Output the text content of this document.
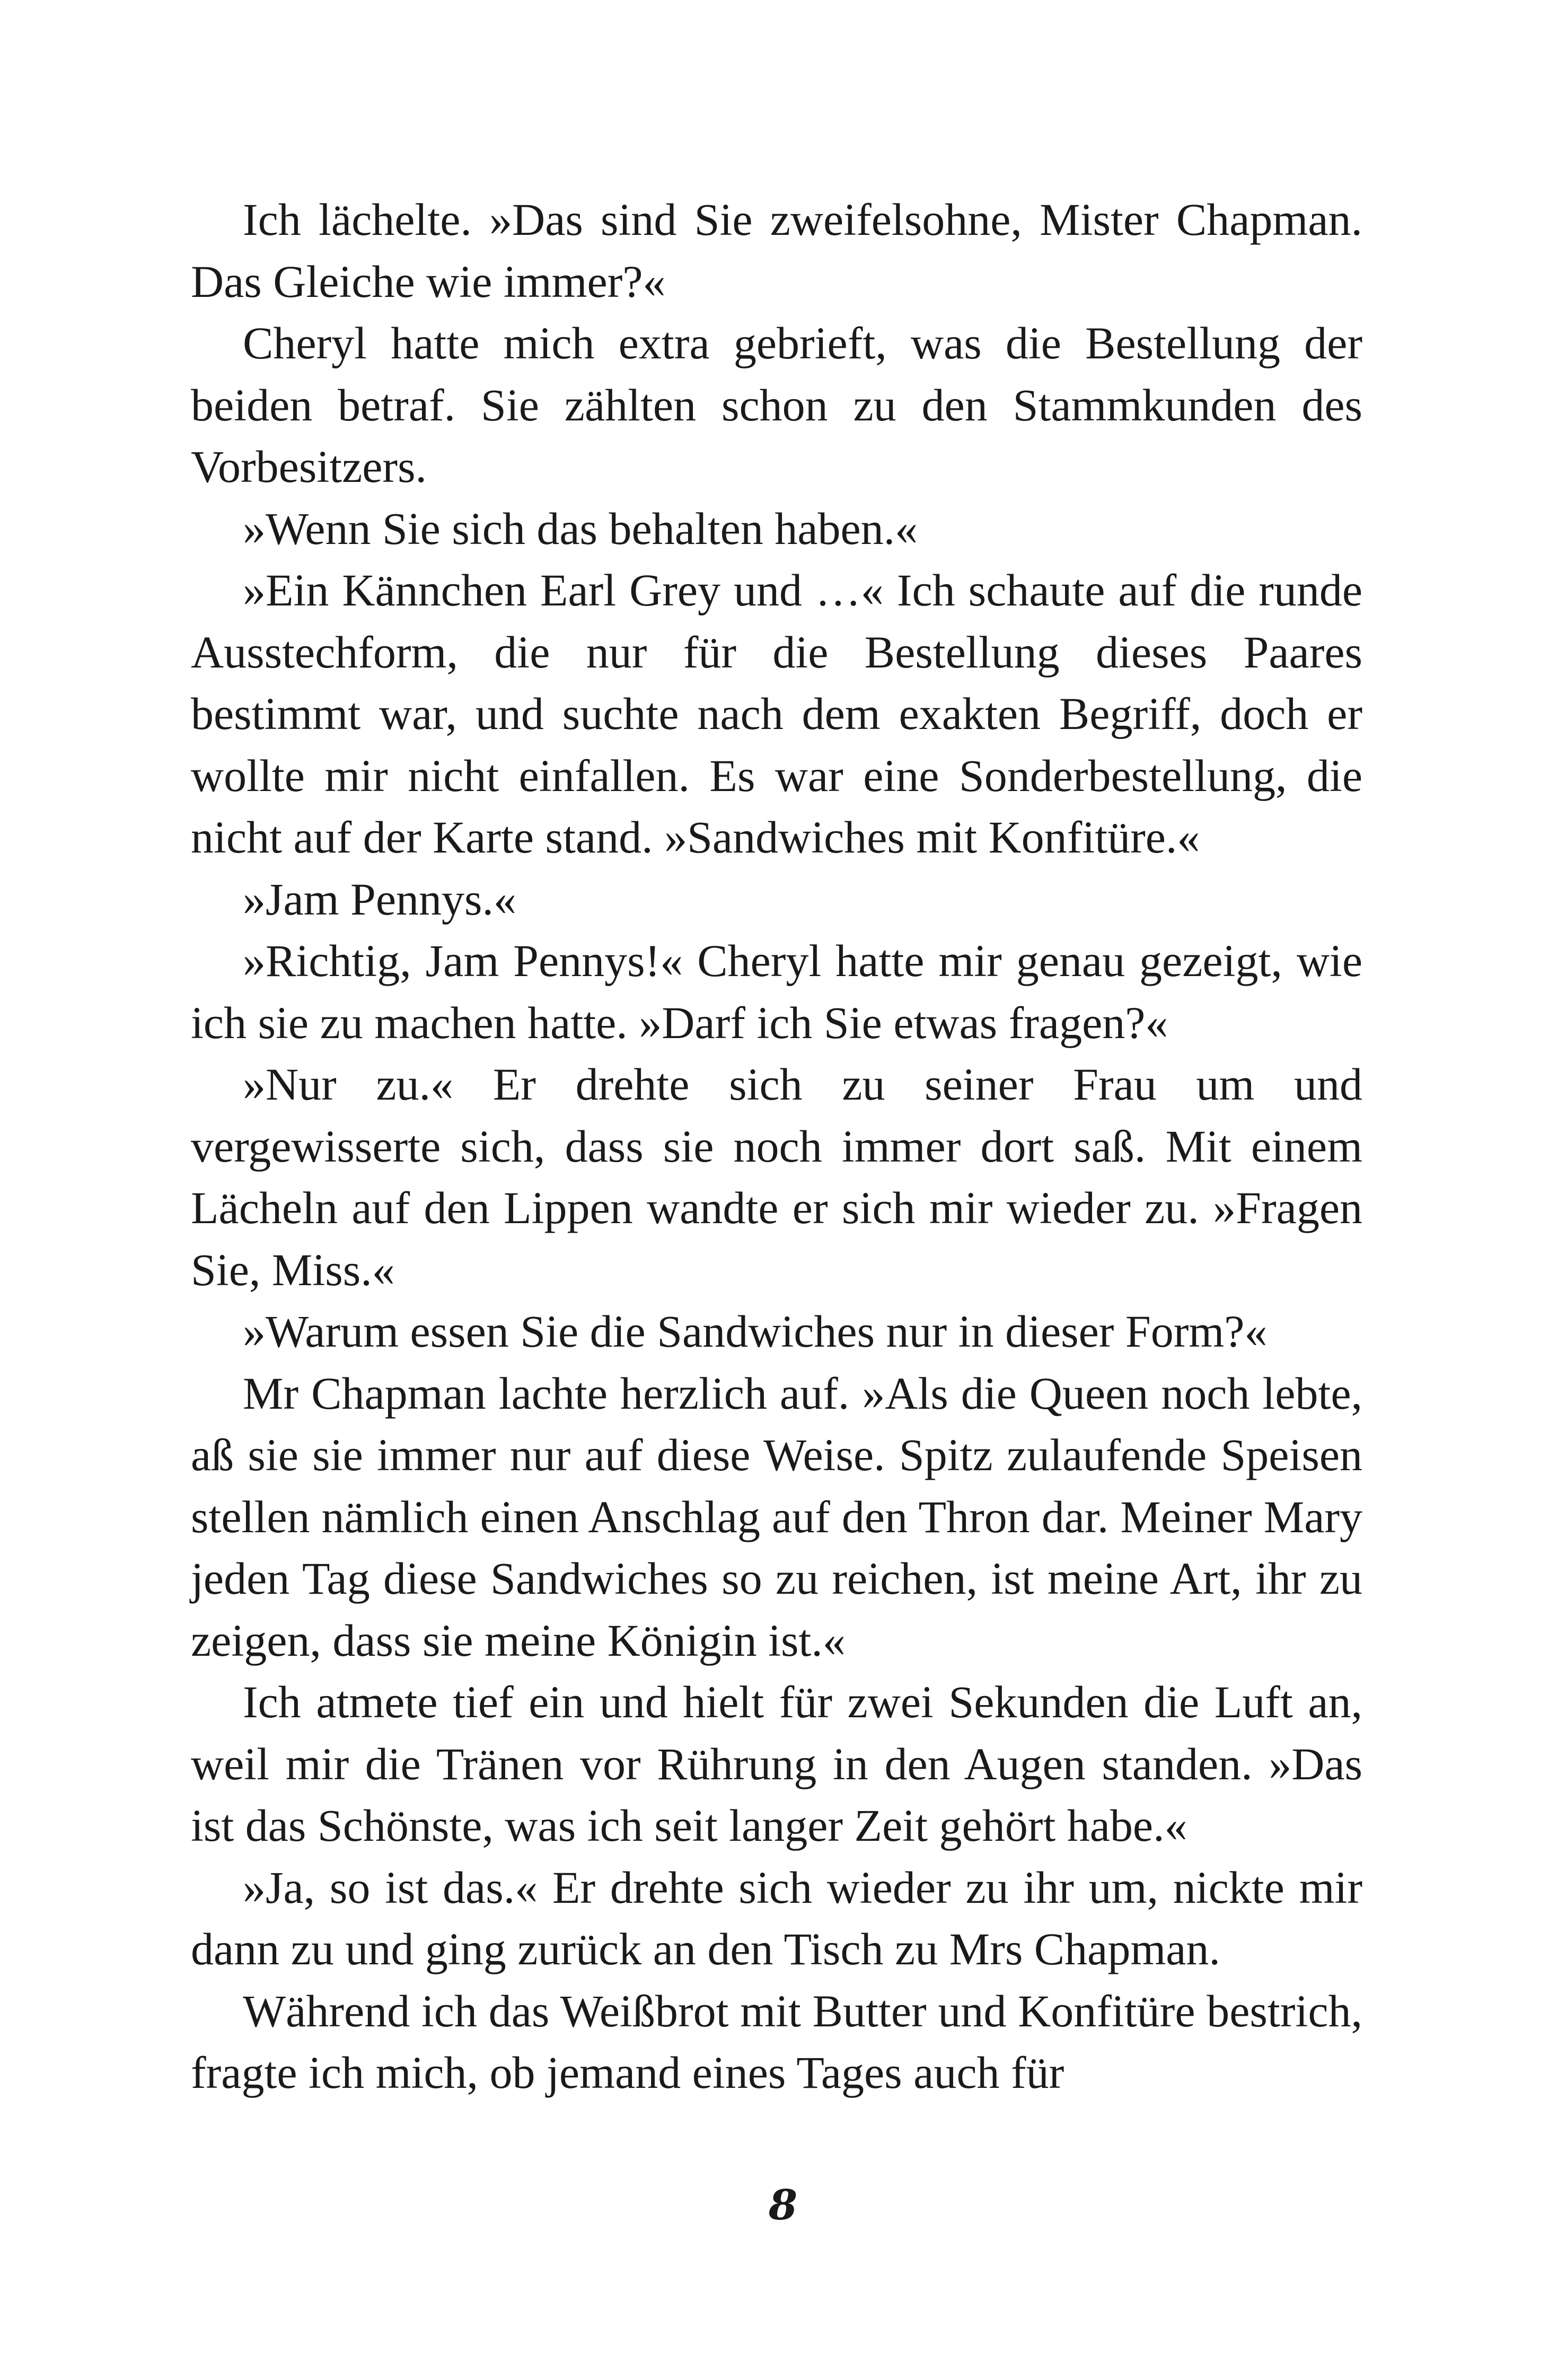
Ich lächelte. »Das sind Sie zweifelsohne, Mister Chapman. Das Gleiche wie immer?«

Cheryl hatte mich extra gebrieft, was die Bestellung der beiden betraf. Sie zählten schon zu den Stammkunden des Vorbesitzers.

»Wenn Sie sich das behalten haben.«

»Ein Kännchen Earl Grey und …« Ich schaute auf die runde Ausstechform, die nur für die Bestellung dieses Paares bestimmt war, und suchte nach dem exakten Begriff, doch er wollte mir nicht einfallen. Es war eine Sonderbestellung, die nicht auf der Karte stand. »Sandwiches mit Konfitüre.«

»Jam Pennys.«

»Richtig, Jam Pennys!« Cheryl hatte mir genau gezeigt, wie ich sie zu machen hatte. »Darf ich Sie etwas fragen?«

»Nur zu.« Er drehte sich zu seiner Frau um und vergewisserte sich, dass sie noch immer dort saß. Mit einem Lächeln auf den Lippen wandte er sich mir wieder zu. »Fragen Sie, Miss.«

»Warum essen Sie die Sandwiches nur in dieser Form?«

Mr Chapman lachte herzlich auf. »Als die Queen noch lebte, aß sie sie immer nur auf diese Weise. Spitz zulaufende Speisen stellen nämlich einen Anschlag auf den Thron dar. Meiner Mary jeden Tag diese Sandwiches so zu reichen, ist meine Art, ihr zu zeigen, dass sie meine Königin ist.«

Ich atmete tief ein und hielt für zwei Sekunden die Luft an, weil mir die Tränen vor Rührung in den Augen standen. »Das ist das Schönste, was ich seit langer Zeit gehört habe.«

»Ja, so ist das.« Er drehte sich wieder zu ihr um, nickte mir dann zu und ging zurück an den Tisch zu Mrs Chapman.

Während ich das Weißbrot mit Butter und Konfitüre bestrich, fragte ich mich, ob jemand eines Tages auch für

8
